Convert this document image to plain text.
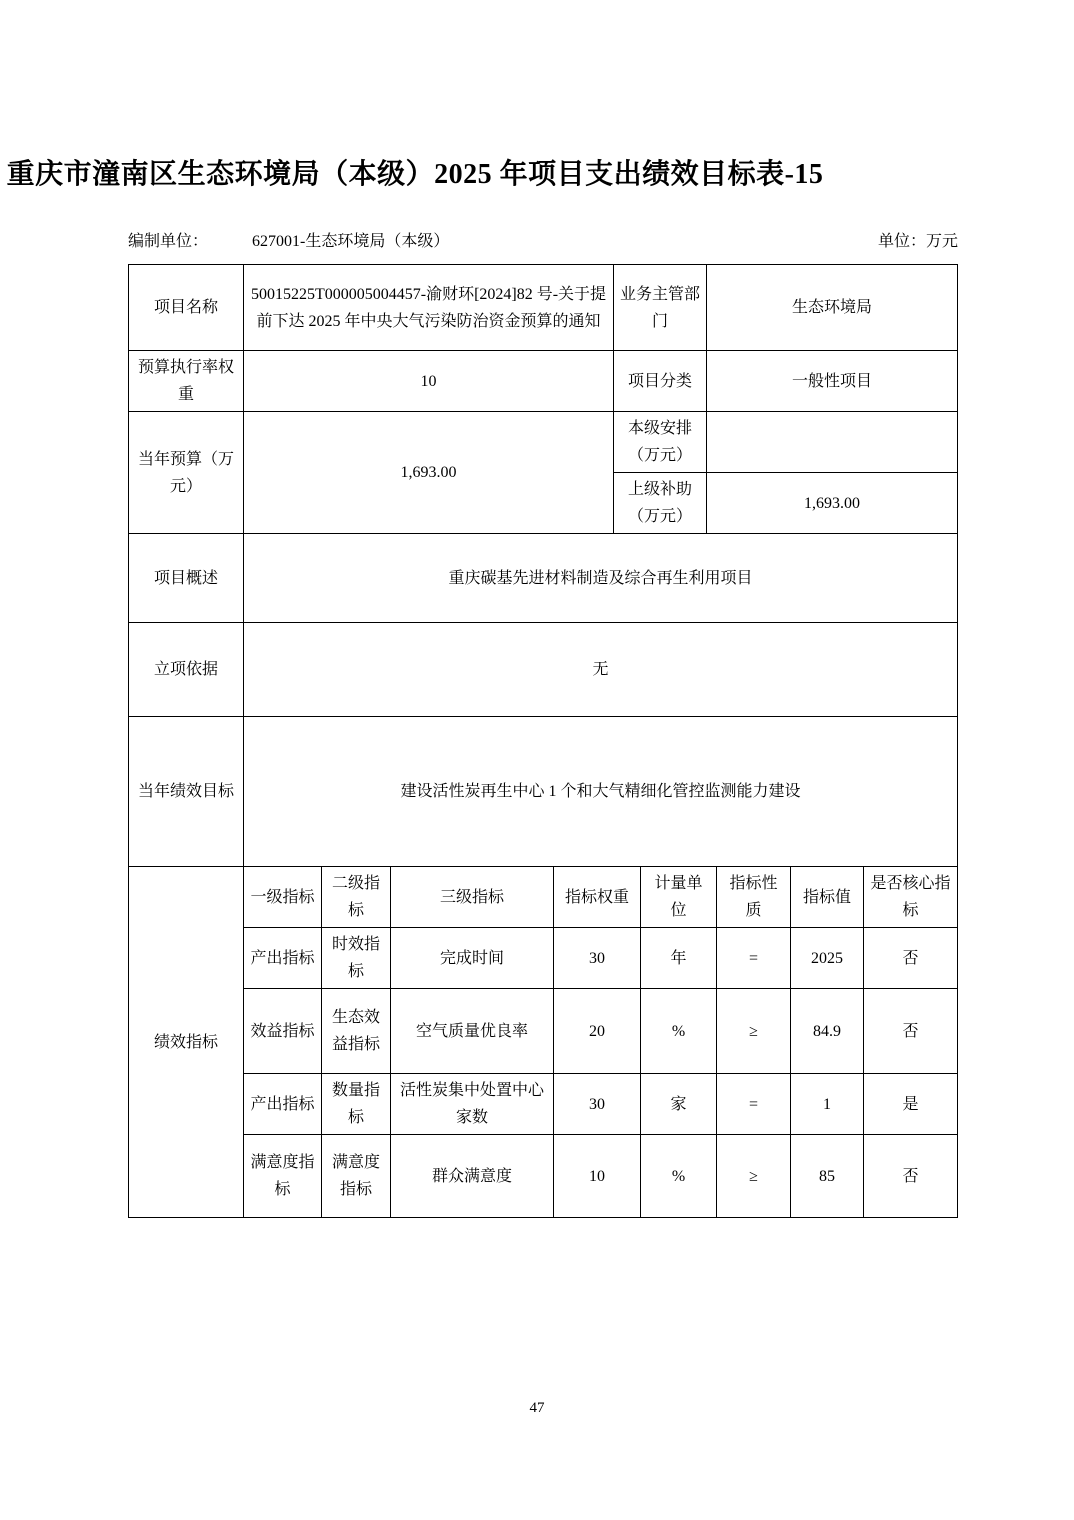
重庆市潼南区生态环境局（本级）2025 年项目支出绩效目标表-15
编制单位：	627001-生态环境局（本级）	单位：万元
项目名称	50015225T000005004457-渝财环[2024]82 号-关于提前下达 2025 年中央大气污染防治资金预算的通知				业务主管部门		生态环境局			
预算执行率权重	10				项目分类		一般性项目			
当年预算（万元）	1,693.00				本级安排（万元）					
					上级补助（万元）		1,693.00			
项目概述	重庆碳基先进材料制造及综合再生利用项目									
立项依据	无									
当年绩效目标	建设活性炭再生中心 1 个和大气精细化管控监测能力建设									
绩效指标	一级指标	二级指标	三级指标	指标权重		计量单位		指标性质	指标值	是否核心指标
	产出指标	时效指标	完成时间	30		年		=	2025	否
	效益指标	生态效益指标	空气质量优良率	20		%		≥	84.9	否
	产出指标	数量指标	活性炭集中处置中心家数	30		家		=	1	是
	满意度指标	满意度指标	群众满意度	10		%		≥	85	否
47
